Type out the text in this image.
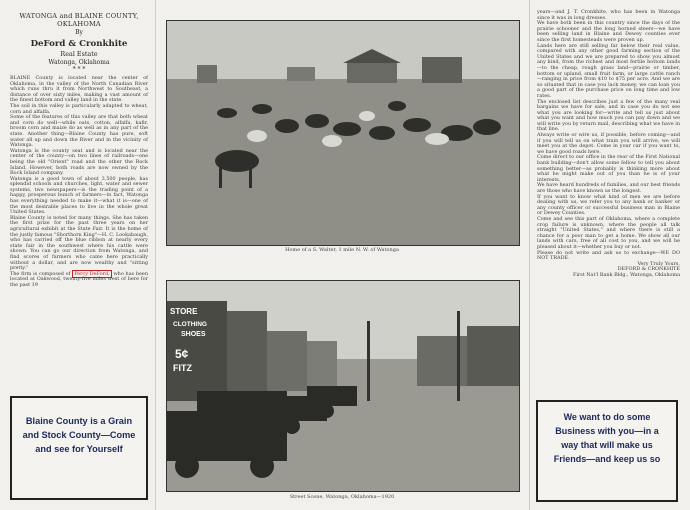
WATONGA and BLAINE COUNTY, OKLAHOMA
By
DeFord & Cronkhite
Real Estate
Watonga, Oklahoma
* * *

BLAINE County is located near the center of Oklahoma, in the valley of the North Canadian River which runs thru it from Northwest to Southeast, a distance of over sixty miles, making a vast amount of the finest bottom and valley land in the state.

The soil in this valley is particularly adapted to wheat, corn and alfalfa.

Some of the features of this valley are that both wheat and corn do well—while oats, cotton, alfalfa, kafir, broom corn and maize do as well as in any part of the state. Another thing—Blaine County has pure, soft water all up and down the River and in the vicinity of Watonga.

Watonga is the county seat and is located near the center of the county—on two lines of railroads—one being the old "Orient" road and the other the Rock Island. However, both roads are now owned by the Rock Island company.

Watonga is a good town of about 3,500 people, has splendid schools and churches, light, water and sewer systems, two newspapers—is the trading point of a happy, prosperous bunch of farmers—in fact, Watonga has everything needed to make it—what it is—one of the most desirable places to live in the whole great United States.

Blaine County is noted for many things. She has taken the first prize for the past three years on her agricultural exhibit at the State Fair. It is the home of the justly famous "Shorthorn King"—H. C. Lookabaugh, who has carried off the blue ribbon at nearly every state fair in the southwest where his cattle were shown. You can go our direction from Watonga, and find scores of farmers who came here practically without a dollar, and are now wealthy and "sitting pretty."

The firm is composed of Percy DeFord, who has been located at Oakwood, twenty-five miles west of here for the past 19

Blaine County is a Grain and Stock County—Come and see for Yourself
Home of a S. Walter, 1 mile N. W. of Watonga
STORE
CLOTHING
SHOES
5¢
FITZ
Street Scene, Watonga, Oklahoma—1920

years—and J. T. Cronkhite, who has been in Watonga since it was in long dresses.

We have both been in this country since the days of the prairie schooner and the long horned steers—we have been selling land in Blaine and Dewey counties ever since the first homesteads were proven up.

Lands here are still selling far below their real value, compared with any other good farming section of the United States and we are prepared to show you almost any kind, from the richest and most fertile bottom lands—to the cheap, rough grass land—prairie or timber, bottom or upland, small fruit farm, or large cattle ranch—ranging in price from $10 to $75 per acre. And we are so situated that in case you lack money, we can loan you a good part of the purchase price on long time and low rates.

The enclosed list describes just a few of the many real bargains we have for sale, and in case you do not see what you are looking for—write and tell us just about what you want and how much you can pay down and we will write you by return mail, describing what we have in that line.

Always write or wire us, if possible, before coming—and if you will tell us on what train you will arrive, we will meet you at the depot. Come in your car if you want to, we have good roads here.

Come direct to our office in the rear of the First National bank building—don't allow some fellow to tell you about something better—as probably is thinking more about what he might make out of you than he is of your interests.

We have heard hundreds of families, and our best friends are those who have known us the longest.

If you want to know what kind of men we are before dealing with us, we refer you to any bank or banker or any county officer or successful business man in Blaine or Dewey Counties.

Come and see this part of Oklahoma, where a complete crop failure is unknown, where the people all talk straight "United States," and where there is still a chance for a poor man to get a home. We show all our lands with cars, free of all cost to you, and we will be pleased about it—whether you buy or not.

Please do not write and ask us to exchange—WE DO NOT TRADE.

Very Truly Yours,

DEFORD & CRONKHITE

First Nat'l Bank Bldg., Watonga, Oklahoma

We want to do some Business with you—in a way that will make us Friends—and keep us so
